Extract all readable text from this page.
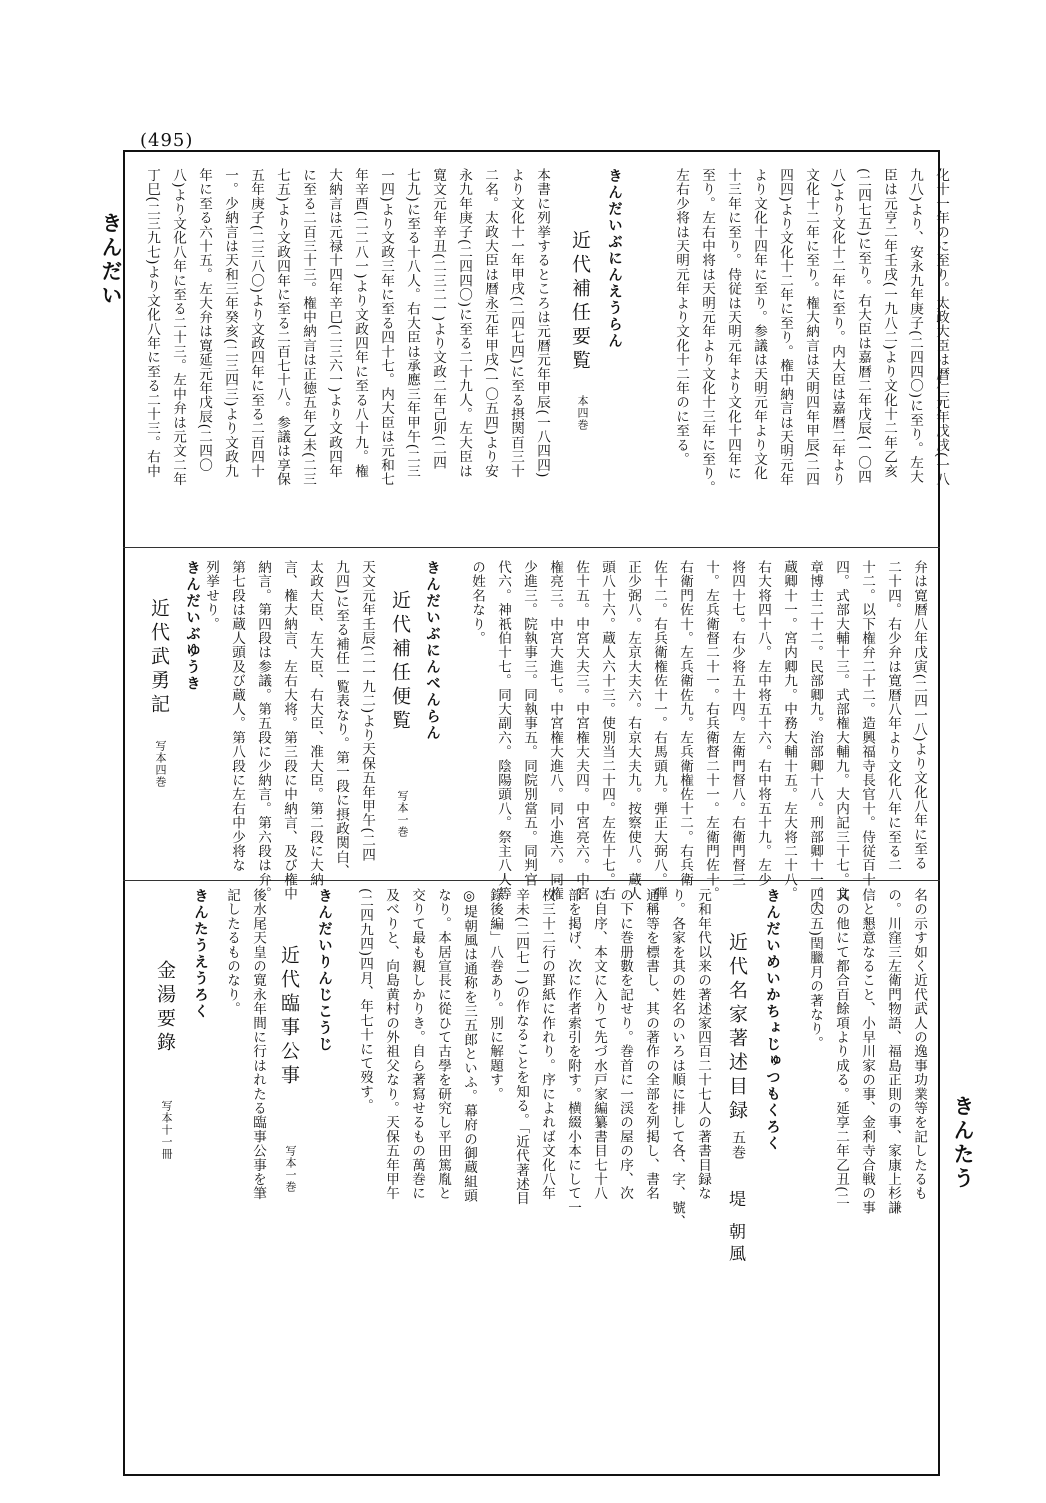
(495)
きんだい
きんたう
化十一年のに至り。太政大臣は暦仁元年戊戌(一八
九八)より、安永九年庚子(二四四〇)に至り。左大
臣は元亨二年壬戌(一九八二)より文化十二年乙亥
(二四七五)に至り。右大臣は嘉暦二年戊辰(一〇四
八)より文化十二年に至り。内大臣は嘉暦二年より
文化十二年に至り。権大納言は天明四年甲辰(二四
四四)より文化十二年に至り。権中納言は天明元年
より文化十四年に至り。参議は天明元年より文化
十三年に至り。侍従は天明元年より文化十四年に
至り。左右中将は天明元年より文化十三年に至り。
左右少将は天明元年より文化十二年のに至る。
きんだいぶにんえうらん
近代補任要覧
本四巻
本書に列挙するところは元暦元年甲辰(一八四四)
より文化十一年甲戌(二四七四)に至る摂関百三十
二名。太政大臣は暦永元年甲戌(一〇五四)より安
永九年庚子(二四四〇)に至る二十九人。左大臣は
寛文元年辛丑(二三二一)より文政二年己卯(二四
七九)に至る十八人。右大臣は承應三年甲午(二三
一四)より文政三年に至る四十七。内大臣は元和七
年辛酉(二二八一)より文政四年に至る八十九。権
大納言は元禄十四年辛巳(二三六一)より文政四年
に至る二百三十三。権中納言は正徳五年乙未(二三
七五)より文政四年に至る二百七十八。参議は享保
五年庚子(二三八〇)より文政四年に至る二百四十
一。少納言は天和三年癸亥(二三四三)より文政九
年に至る六十五。左大弁は寛延元年戊辰(二四〇
八)より文化八年に至る二十三。左中弁は元文二年
丁巳(二三九七)より文化八年に至る二十三。右中
弁は寛暦八年戊寅(二四一八)より文化八年に至る
二十四。右少弁は寛暦八年より文化八年に至る二
十二。以下権弁二十二。造興福寺長官十。侍従百十
四。式部大輔十三。式部権大輔九。大内記三十七。文
章博士二十二。民部卿九。治部卿十八。刑部卿十一。大
蔵卿十一。宮内卿九。中務大輔十五。左大将二十八。
右大将四十八。左中将五十六。右中将五十九。左少
将四十七。右少将五十四。左衛門督八。右衛門督三
十。左兵衛督二十一。右兵衛督二十一。左衛門佐十。
右衛門佐十。左兵衛佐九。左兵衛権佐十二。右兵衛
佐十二。右兵衛権佐十一。右馬頭九。弾正大弼八。弾
正少弼八。左京大夫六。右京大夫九。按察使八。蔵人
頭八十六。蔵人六十三。使別当二十四。左佐十七。右
佐十五。中宮大夫三。中宮権大夫四。中宮亮六。中宮
権亮三。中宮大進七。中宮権大進八。同小進六。同権
少進三。院執事三。同執事五。同院別當五。同判官
代六。神祇伯十七。同大副六。陰陽頭八。祭主八人等
の姓名なり。
きんだいぶにんべんらん
近代補任便覧
写本一巻
天文元年壬辰(二一九二)より天保五年甲午(二四
九四)に至る補任一覧表なり。第一段に摂政関白、
太政大臣、左大臣、右大臣、准大臣。第二段に大納
言、権大納言、左右大将。第三段に中納言、及び権中
納言。第四段は参議。第五段に少納言。第六段は弁。
第七段は蔵人頭及び蔵人。第八段に左右中少将な
列挙せり。
きんだいぶゆうき
近代武勇記
写本四巻
名の示す如く近代武人の逸事功業等を記したるも
の。川窪三左衛門物語、福島正則の事、家康上杉謙
信と懇意なること、小早川家の事、金利寺合戦の事
其の他にて都合百餘項より成る。延享二年乙丑(二
四〇五)閏臘月の著なり。
きんだいめいかちょじゅつもくろく
近代名家著述目録
五巻
堤 朝風
元和年代以来の著述家四百二十七人の著書目録な
り。各家を其の姓名のいろは順に排して各、字、號、
通稱等を標書し、其の著作の全部を列掲し、書名
の下に巻册數を記せり。巻首に一渓の屋の序、次
に自序、本文に入りて先づ水戸家編纂書目七十八
部を掲げ、次に作者索引を附す。横綴小本にして一
枚三十二行の罫紙に作れり。序によれば文化八年
辛未(二四七一)の作なることを知る。「近代著述目
錄後編」八巻あり。別に解題す。
◎堤朝風は通称を三五郎といふ。幕府の御蔵組頭
なり。本居宣長に從ひて古學を研究し平田篤胤と
交りて最も親しかりき。自ら著寫せるもの萬巻に
及べりと、向島黄村の外祖父なり。天保五年甲午
(二四九四)四月、年七十にて歿す。
きんだいりんじこうじ
近代臨事公事
写本一巻
後水尾天皇の寛永年間に行はれたる臨事公事を筆
記したるものなり。
きんたうえうろく
金湯要錄
写本十一冊
